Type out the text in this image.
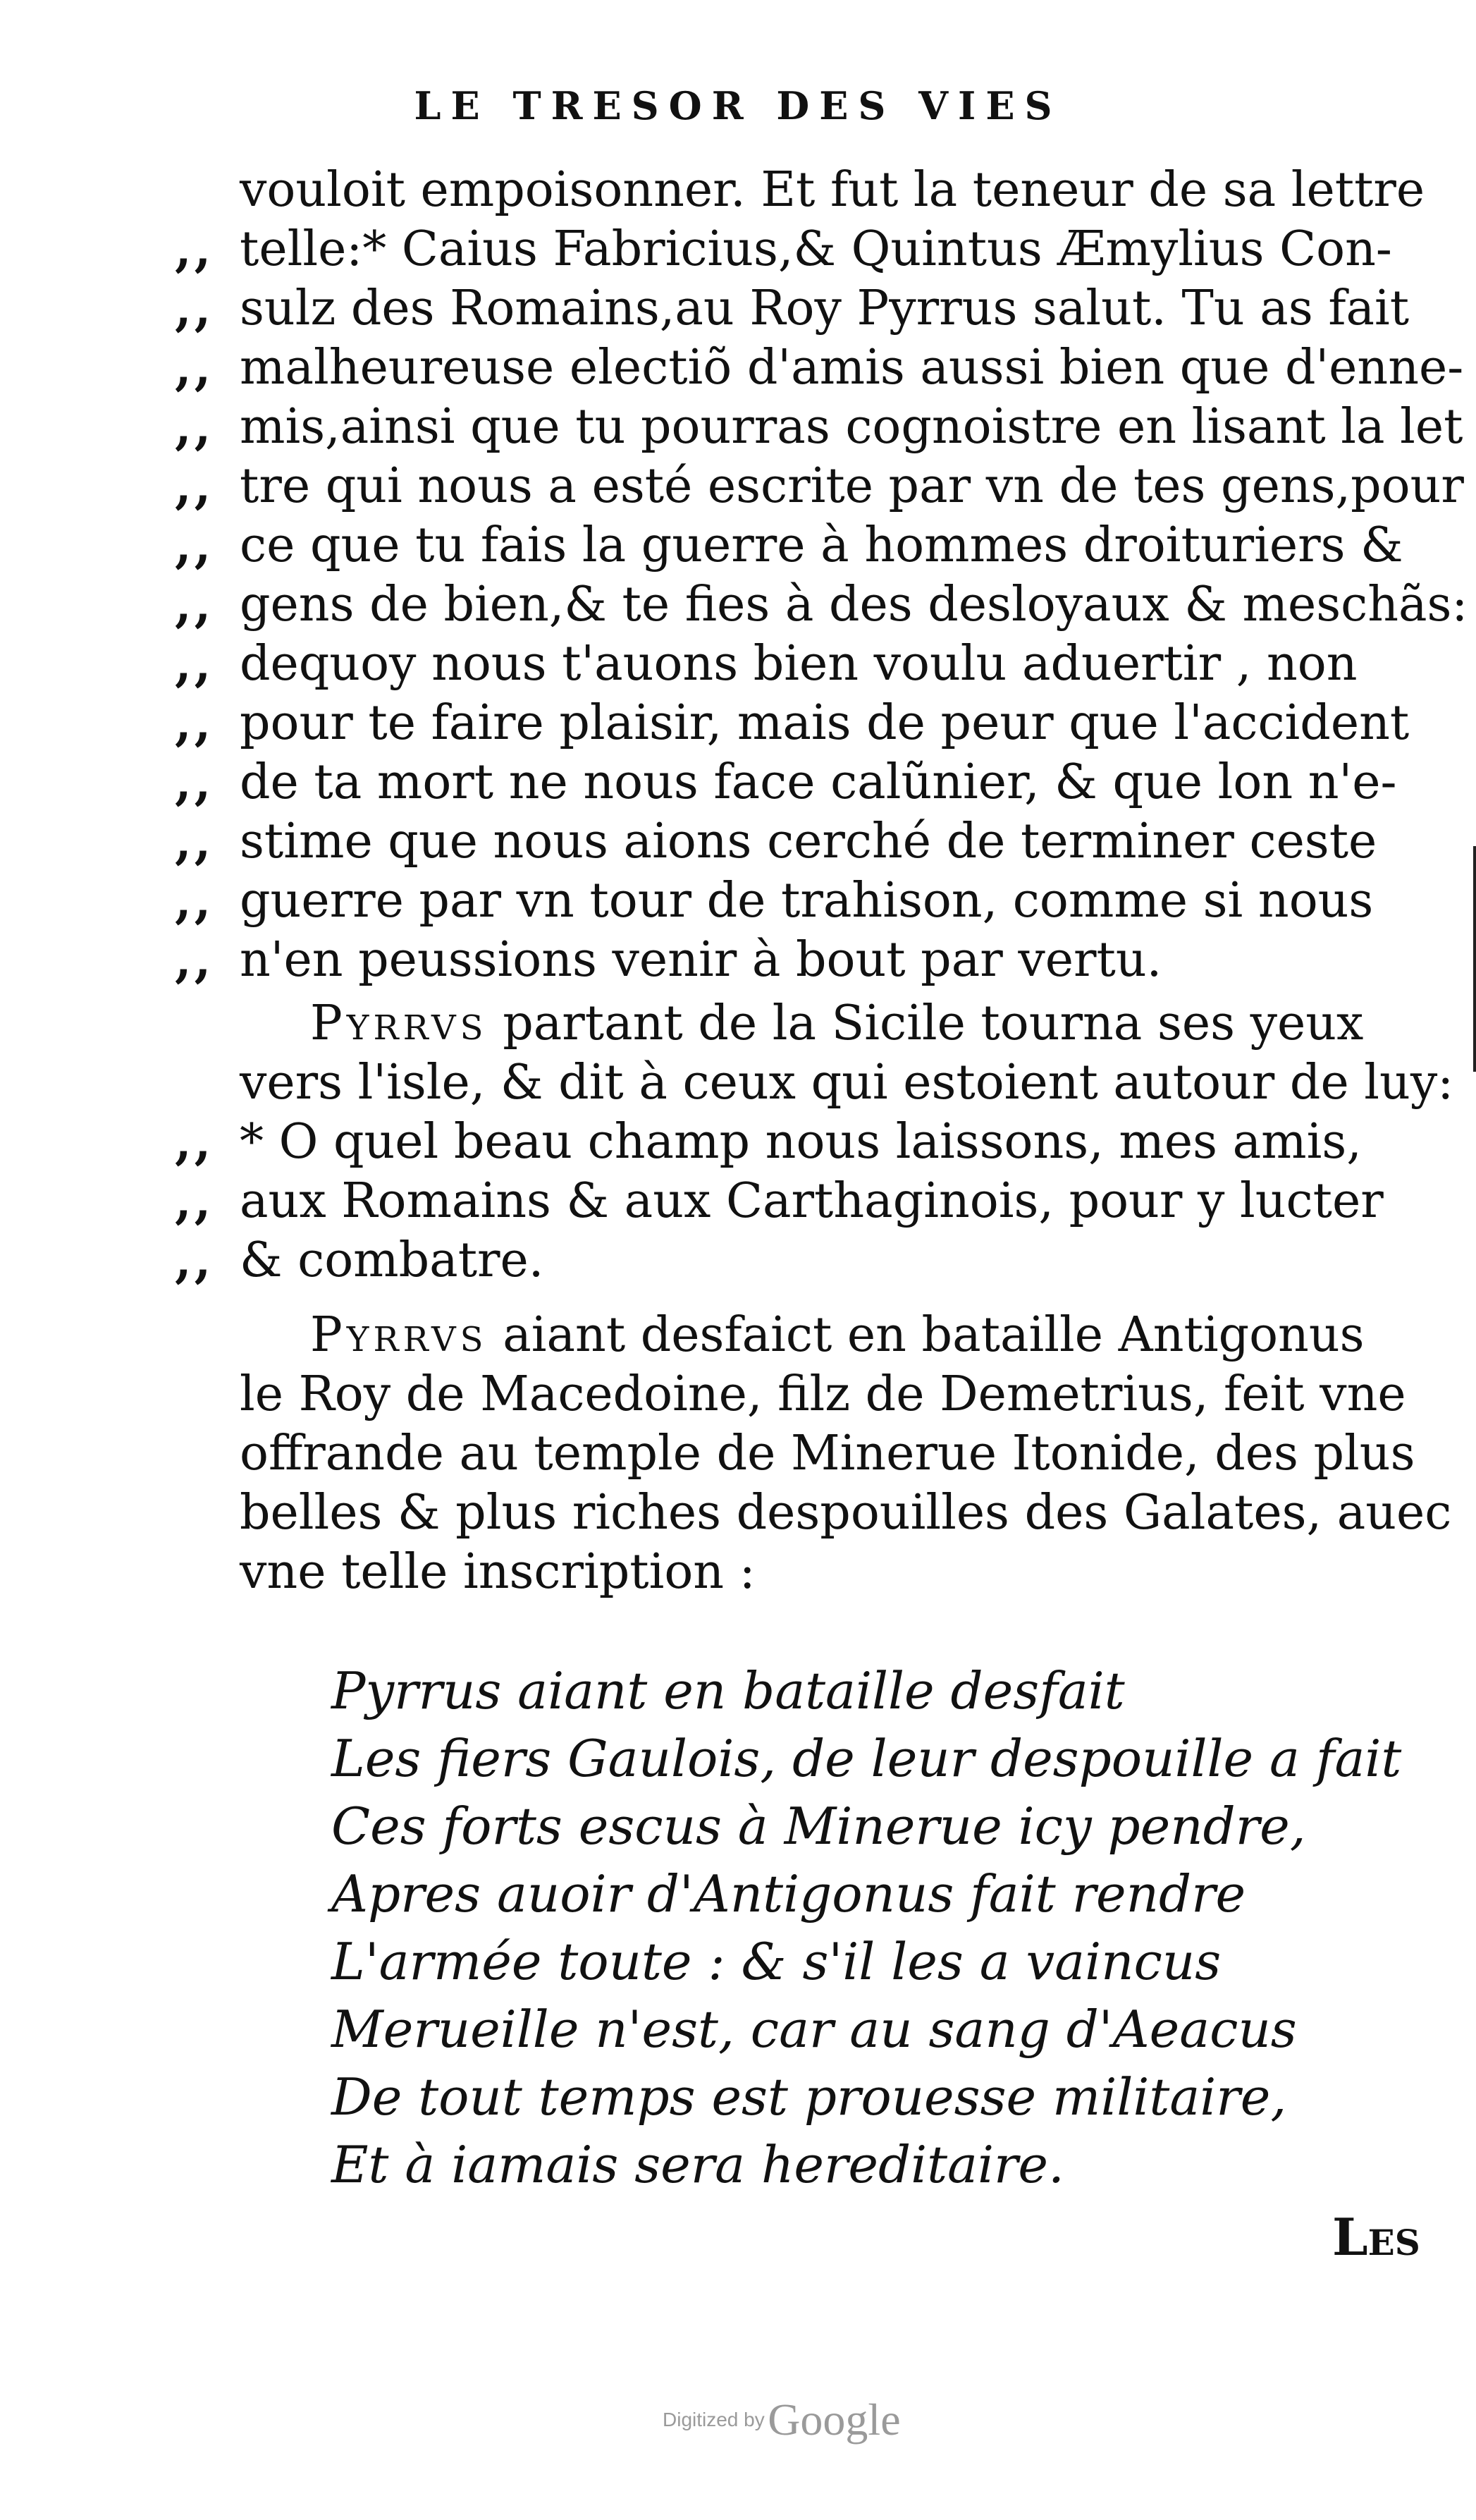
LE TRESOR DES VIES
vouloit empoisonner. Et fut la teneur de sa lettre
,, telle:* Caius Fabricius,& Quintus Æmylius Con-
,, sulz des Romains,au Roy Pyrrus salut. Tu as fait
,, malheureuse electiõ d'amis aussi bien que d'enne-
,, mis,ainsi que tu pourras cognoistre en lisant la let
,, tre qui nous a esté escrite par vn de tes gens,pour
,, ce que tu fais la guerre à hommes droituriers &
,, gens de bien,& te fies à des desloyaux & meschãs:
,, dequoy nous t'auons bien voulu aduertir , non
,, pour te faire plaisir, mais de peur que l'accident
,, de ta mort ne nous face calũnier, & que lon n'e-
,, stime que nous aions cerché de terminer ceste
,, guerre par vn tour de trahison, comme si nous
,, n'en peussions venir à bout par vertu.
Pyrrvs partant de la Sicile tourna ses yeux
vers l'isle, & dit à ceux qui estoient autour de luy:
,, * O quel beau champ nous laissons, mes amis,
,, aux Romains & aux Carthaginois, pour y lucter
,, & combatre.
Pyrrvs aiant desfaict en bataille Antigonus
le Roy de Macedoine, filz de Demetrius, feit vne
offrande au temple de Minerue Itonide, des plus
belles & plus riches despouilles des Galates, auec
vne telle inscription :
Pyrrus aiant en bataille desfait
Les fiers Gaulois, de leur despouille a fait
Ces forts escus à Minerue icy pendre,
Apres auoir d'Antigonus fait rendre
L'armée toute : & s'il les a vaincus
Merueille n'est, car au sang d'Aeacus
De tout temps est prouesse militaire,
Et à iamais sera hereditaire.
Les
Digitized by Google
